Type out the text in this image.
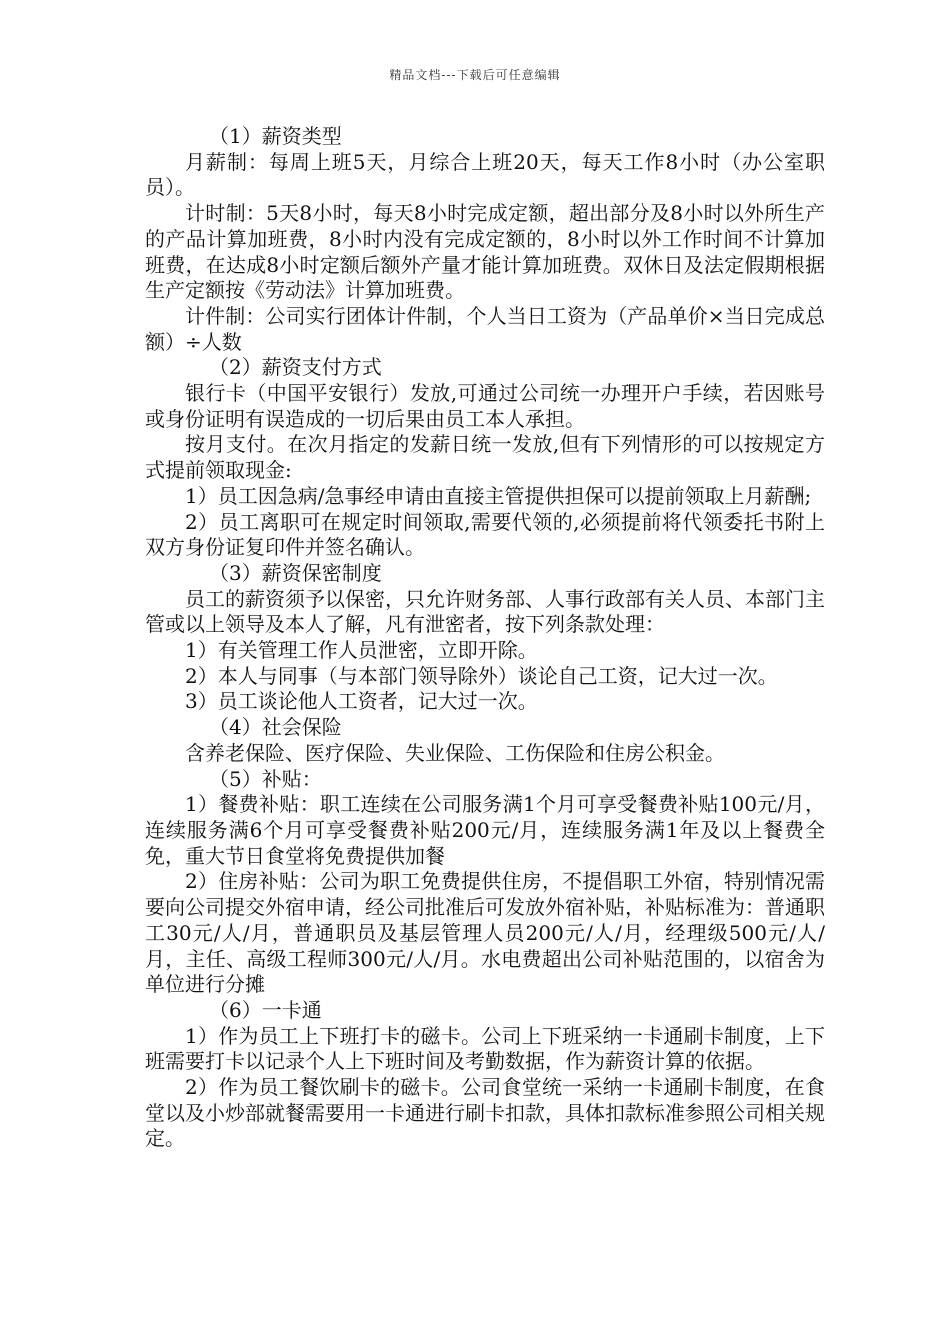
精品文档---下载后可任意编辑

（1）薪资类型

月薪制：每周上班5天，月综合上班20天，每天工作8小时（办公室职员）。

计时制：5天8小时，每天8小时完成定额，超出部分及8小时以外所生产的产品计算加班费，8小时内没有完成定额的，8小时以外工作时间不计算加班费，在达成8小时定额后额外产量才能计算加班费。双休日及法定假期根据生产定额按《劳动法》计算加班费。

计件制：公司实行团体计件制，个人当日工资为（产品单价×当日完成总额）÷人数

（2）薪资支付方式

银行卡（中国平安银行）发放,可通过公司统一办理开户手续，若因账号或身份证明有误造成的一切后果由员工本人承担。

按月支付。在次月指定的发薪日统一发放,但有下列情形的可以按规定方式提前领取现金:

1）员工因急病/急事经申请由直接主管提供担保可以提前领取上月薪酬;

2）员工离职可在规定时间领取,需要代领的,必须提前将代领委托书附上双方身份证复印件并签名确认。

（3）薪资保密制度

员工的薪资须予以保密，只允许财务部、人事行政部有关人员、本部门主管或以上领导及本人了解，凡有泄密者，按下列条款处理：

1）有关管理工作人员泄密，立即开除。

2）本人与同事（与本部门领导除外）谈论自己工资，记大过一次。

3）员工谈论他人工资者，记大过一次。

（4）社会保险

含养老保险、医疗保险、失业保险、工伤保险和住房公积金。

（5）补贴：

1）餐费补贴：职工连续在公司服务满1个月可享受餐费补贴100元/月，连续服务满6个月可享受餐费补贴200元/月，连续服务满1年及以上餐费全免，重大节日食堂将免费提供加餐

2）住房补贴：公司为职工免费提供住房，不提倡职工外宿，特别情况需要向公司提交外宿申请，经公司批准后可发放外宿补贴，补贴标准为：普通职工30元/人/月，普通职员及基层管理人员200元/人/月，经理级500元/人/月，主任、高级工程师300元/人/月。水电费超出公司补贴范围的，以宿舍为单位进行分摊

（6）一卡通

1）作为员工上下班打卡的磁卡。公司上下班采纳一卡通刷卡制度，上下班需要打卡以记录个人上下班时间及考勤数据，作为薪资计算的依据。

2）作为员工餐饮刷卡的磁卡。公司食堂统一采纳一卡通刷卡制度，在食堂以及小炒部就餐需要用一卡通进行刷卡扣款，具体扣款标准参照公司相关规定。
